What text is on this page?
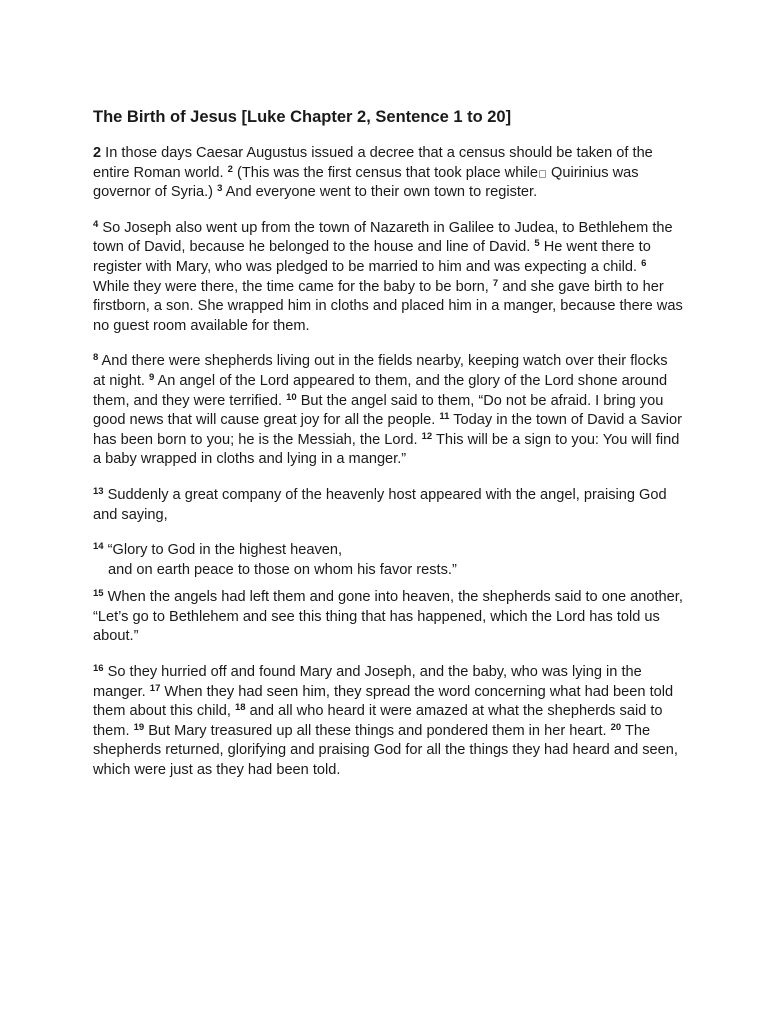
The Birth of Jesus [Luke Chapter 2, Sentence 1 to 20]

2 In those days Caesar Augustus issued a decree that a census should be taken of the entire Roman world. $^2$ (This was the first census that took place while Quirinius was governor of Syria.) $^3$ And everyone went to their own town to register.

$^4$ So Joseph also went up from the town of Nazareth in Galilee to Judea, to Bethlehem the town of David, because he belonged to the house and line of David. $^5$ He went there to register with Mary, who was pledged to be married to him and was expecting a child. $^6$ While they were there, the time came for the baby to be born, $^7$ and she gave birth to her firstborn, a son. She wrapped him in cloths and placed him in a manger, because there was no guest room available for them.

$^8$ And there were shepherds living out in the fields nearby, keeping watch over their flocks at night. $^9$ An angel of the Lord appeared to them, and the glory of the Lord shone around them, and they were terrified. $^{10}$ But the angel said to them, “Do not be afraid. I bring you good news that will cause great joy for all the people. $^{11}$ Today in the town of David a Savior has been born to you; he is the Messiah, the Lord. $^{12}$ This will be a sign to you: You will find a baby wrapped in cloths and lying in a manger.”

$^{13}$ Suddenly a great company of the heavenly host appeared with the angel, praising God and saying,

$^{14}$ “Glory to God in the highest heaven,
and on earth peace to those on whom his favor rests.”

$^{15}$ When the angels had left them and gone into heaven, the shepherds said to one another, “Let’s go to Bethlehem and see this thing that has happened, which the Lord has told us about.”

$^{16}$ So they hurried off and found Mary and Joseph, and the baby, who was lying in the manger. $^{17}$ When they had seen him, they spread the word concerning what had been told them about this child, $^{18}$ and all who heard it were amazed at what the shepherds said to them. $^{19}$ But Mary treasured up all these things and pondered them in her heart. $^{20}$ The shepherds returned, glorifying and praising God for all the things they had heard and seen, which were just as they had been told.
